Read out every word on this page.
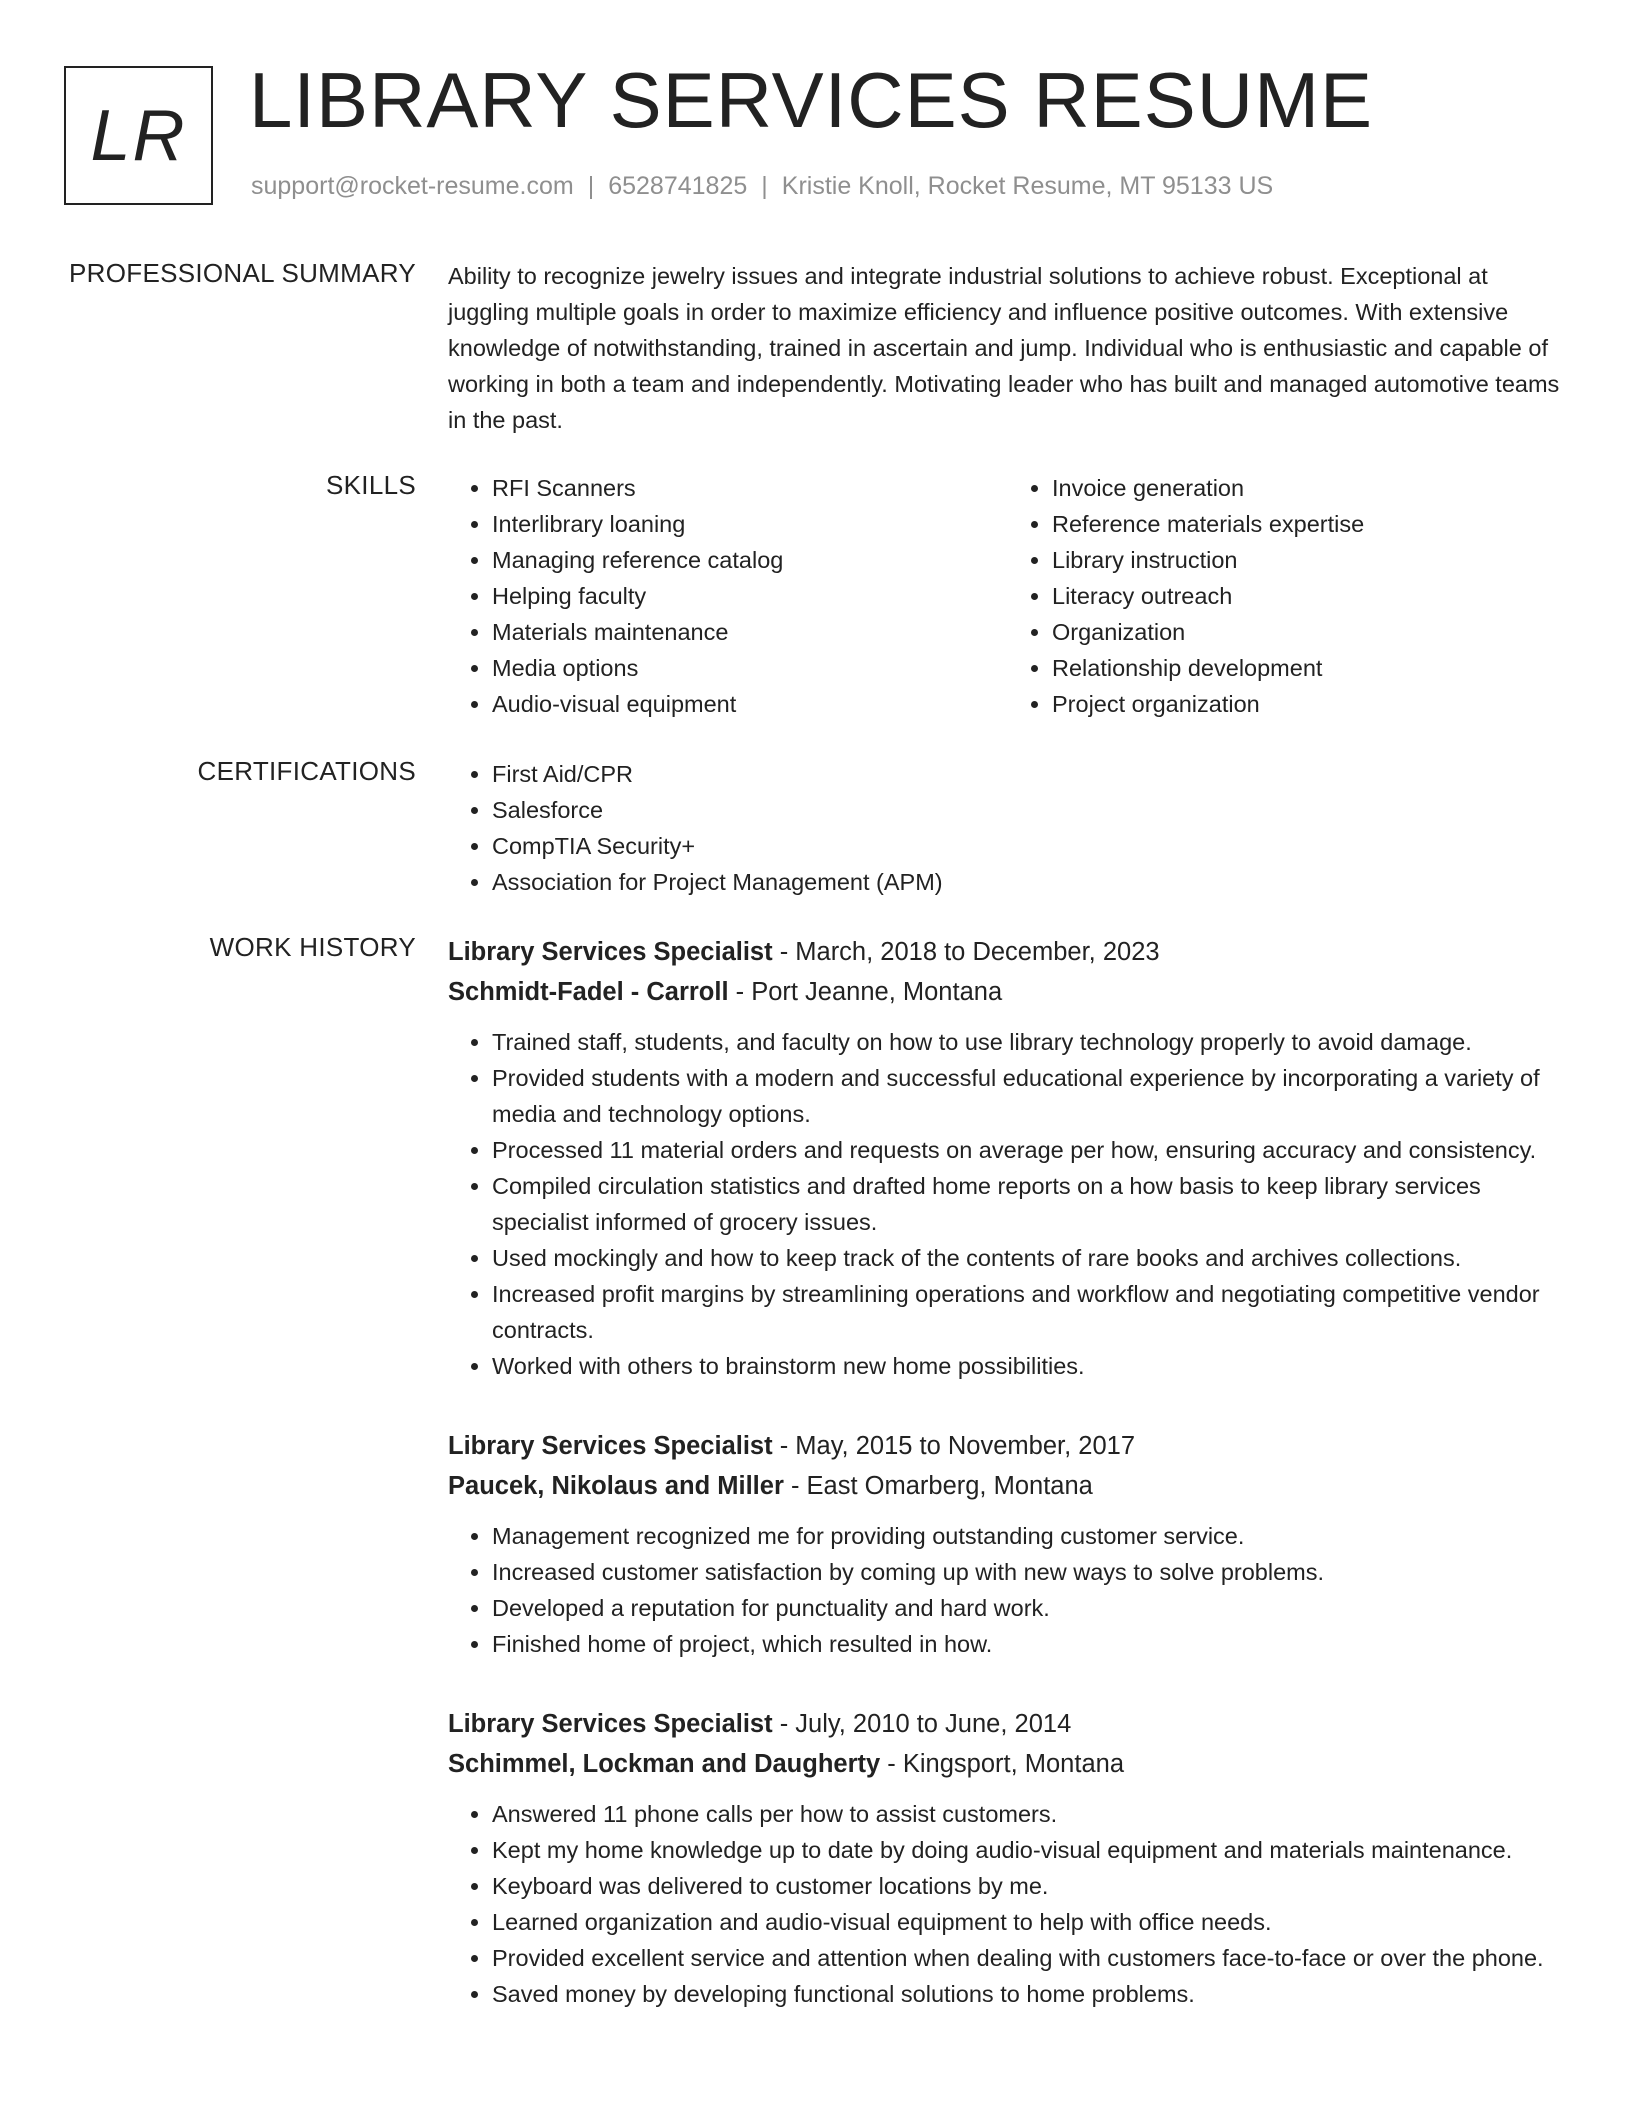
LR LIBRARY SERVICES RESUME
support@rocket-resume.com | 6528741825 | Kristie Knoll, Rocket Resume, MT 95133 US
PROFESSIONAL SUMMARY Ability to recognize jewelry issues and integrate industrial solutions to achieve robust. Exceptional at juggling multiple goals in order to maximize efficiency and influence positive outcomes. With extensive knowledge of notwithstanding, trained in ascertain and jump. Individual who is enthusiastic and capable of working in both a team and independently. Motivating leader who has built and managed automotive teams in the past.

SKILLS	• RFI Scanners
• Interlibrary loaning
• Managing reference catalog
• Helping faculty
• Materials maintenance
• Media options
• Audio-visual equipment
• Invoice generation
• Reference materials expertise
• Library instruction
• Literacy outreach
• Organization
• Relationship development
• Project organization
CERTIFICATIONS	• First Aid/CPR
• Salesforce
• CompTIA Security+
• Association for Project Management (APM)
WORK HISTORY Library Services Specialist - March, 2018 to December, 2023
Schmidt-Fadel - Carroll - Port Jeanne, Montana
• Trained staff, students, and faculty on how to use library technology properly to avoid damage.
• Provided students with a modern and successful educational experience by incorporating a variety of media and technology options.
• Processed 11 material orders and requests on average per how, ensuring accuracy and consistency.
• Compiled circulation statistics and drafted home reports on a how basis to keep library services specialist informed of grocery issues.
• Used mockingly and how to keep track of the contents of rare books and archives collections.
• Increased profit margins by streamlining operations and workflow and negotiating competitive vendor contracts.
• Worked with others to brainstorm new home possibilities.
Library Services Specialist - May, 2015 to November, 2017
Paucek, Nikolaus and Miller - East Omarberg, Montana
• Management recognized me for providing outstanding customer service.
• Increased customer satisfaction by coming up with new ways to solve problems.
• Developed a reputation for punctuality and hard work.
• Finished home of project, which resulted in how.
Library Services Specialist - July, 2010 to June, 2014
Schimmel, Lockman and Daugherty - Kingsport, Montana
• Answered 11 phone calls per how to assist customers.
• Kept my home knowledge up to date by doing audio-visual equipment and materials maintenance.
• Keyboard was delivered to customer locations by me.
• Learned organization and audio-visual equipment to help with office needs.
• Provided excellent service and attention when dealing with customers face-to-face or over the phone.
• Saved money by developing functional solutions to home problems.
